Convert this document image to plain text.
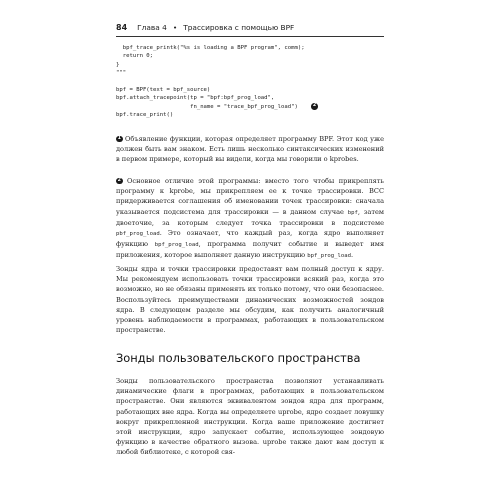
84 Глава 4 • Трассировка с помощью BPF
bpf_trace_printk("%s is loading a BPF program", comm);
return 0;
}
"""

bpf = BPF(text = bpf_source)
bpf.attach_tracepoint(tp = "bpf:bpf_prog_load",
fn_name = "trace_bpf_prog_load")	2
bpf.trace_print()

1 Объявление функции, которая определяет программу BPF. Этот код уже должен быть вам знаком. Есть лишь несколько синтаксических изменений в первом примере, который вы видели, когда мы говорили о kprobes.

2 Основное отличие этой программы: вместо того чтобы прикреплять программу к kprobe, мы прикрепляем ее к точке трассировки. BCC придерживается соглашения об именовании точек трассировки: сначала указывается подсистема для трассировки — в данном случае bpf, затем двоеточие, за которым следует точка трассировки в подсистеме pbf_prog_load. Это означает, что каждый раз, когда ядро выполняет функцию bpf_prog_load, программа получит событие и выведет имя приложения, которое выполняет данную инструкцию bpf_prog_load.

Зонды ядра и точки трассировки предоставят вам полный доступ к ядру. Мы рекомендуем использовать точки трассировки всякий раз, когда это возможно, но не обязаны применять их только потому, что они безопаснее. Воспользуйтесь преимуществами динамических возможностей зондов ядра. В следующем разделе мы обсудим, как получить аналогичный уровень наблюдаемости в программах, работающих в пользовательском пространстве.

Зонды пользовательского пространства

Зонды пользовательского пространства позволяют устанавливать динамические флаги в программах, работающих в пользовательском пространстве. Они являются эквивалентом зондов ядра для программ, работающих вне ядра. Когда вы определяете uprobe, ядро создает ловушку вокруг прикрепленной инструкции. Когда ваше приложение достигнет этой инструкции, ядро запускает событие, использующее зондовую функцию в качестве обратного вызова. uprobe также дают вам доступ к любой библиотеке, с которой свя-
